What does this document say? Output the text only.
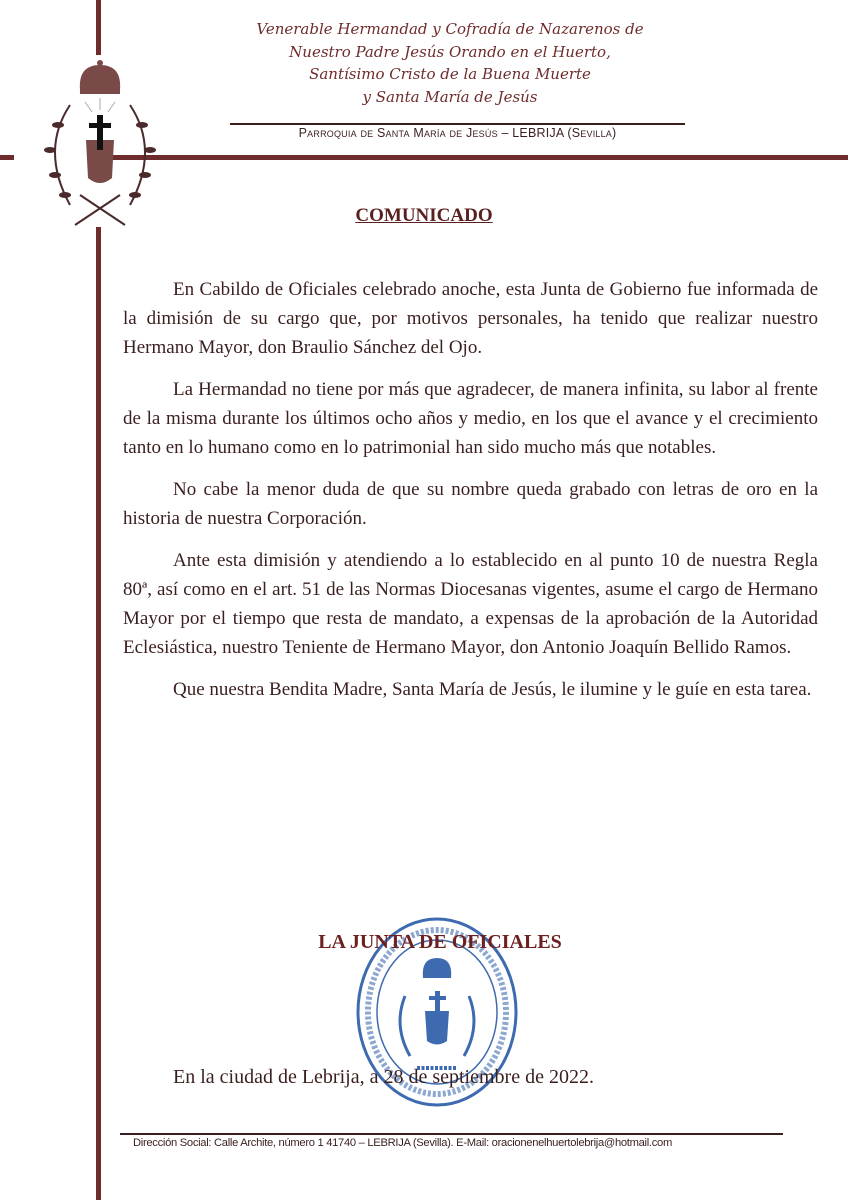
Venerable Hermandad y Cofradía de Nazarenos de
Nuestro Padre Jesús Orando en el Huerto,
Santísimo Cristo de la Buena Muerte
y Santa María de Jesús
Parroquia de Santa María de Jesús – LEBRIJA (Sevilla)
COMUNICADO

En Cabildo de Oficiales celebrado anoche, esta Junta de Gobierno fue informada de la dimisión de su cargo que, por motivos personales, ha tenido que realizar nuestro Hermano Mayor, don Braulio Sánchez del Ojo.

La Hermandad no tiene por más que agradecer, de manera infinita, su labor al frente de la misma durante los últimos ocho años y medio, en los que el avance y el crecimiento tanto en lo humano como en lo patrimonial han sido mucho más que notables.

No cabe la menor duda de que su nombre queda grabado con letras de oro en la historia de nuestra Corporación.

Ante esta dimisión y atendiendo a lo establecido en al punto 10 de nuestra Regla 80ª, así como en el art. 51 de las Normas Diocesanas vigentes, asume el cargo de Hermano Mayor por el tiempo que resta de mandato, a expensas de la aprobación de la Autoridad Eclesiástica, nuestro Teniente de Hermano Mayor, don Antonio Joaquín Bellido Ramos.

Que nuestra Bendita Madre, Santa María de Jesús, le ilumine y le guíe en esta tarea.

LA JUNTA DE OFICIALES
En la ciudad de Lebrija, a 28 de septiembre de 2022.
Dirección Social: Calle Archite, número 1 41740 – LEBRIJA (Sevilla). E-Mail: oracionenelhuertolebrija@hotmail.com
